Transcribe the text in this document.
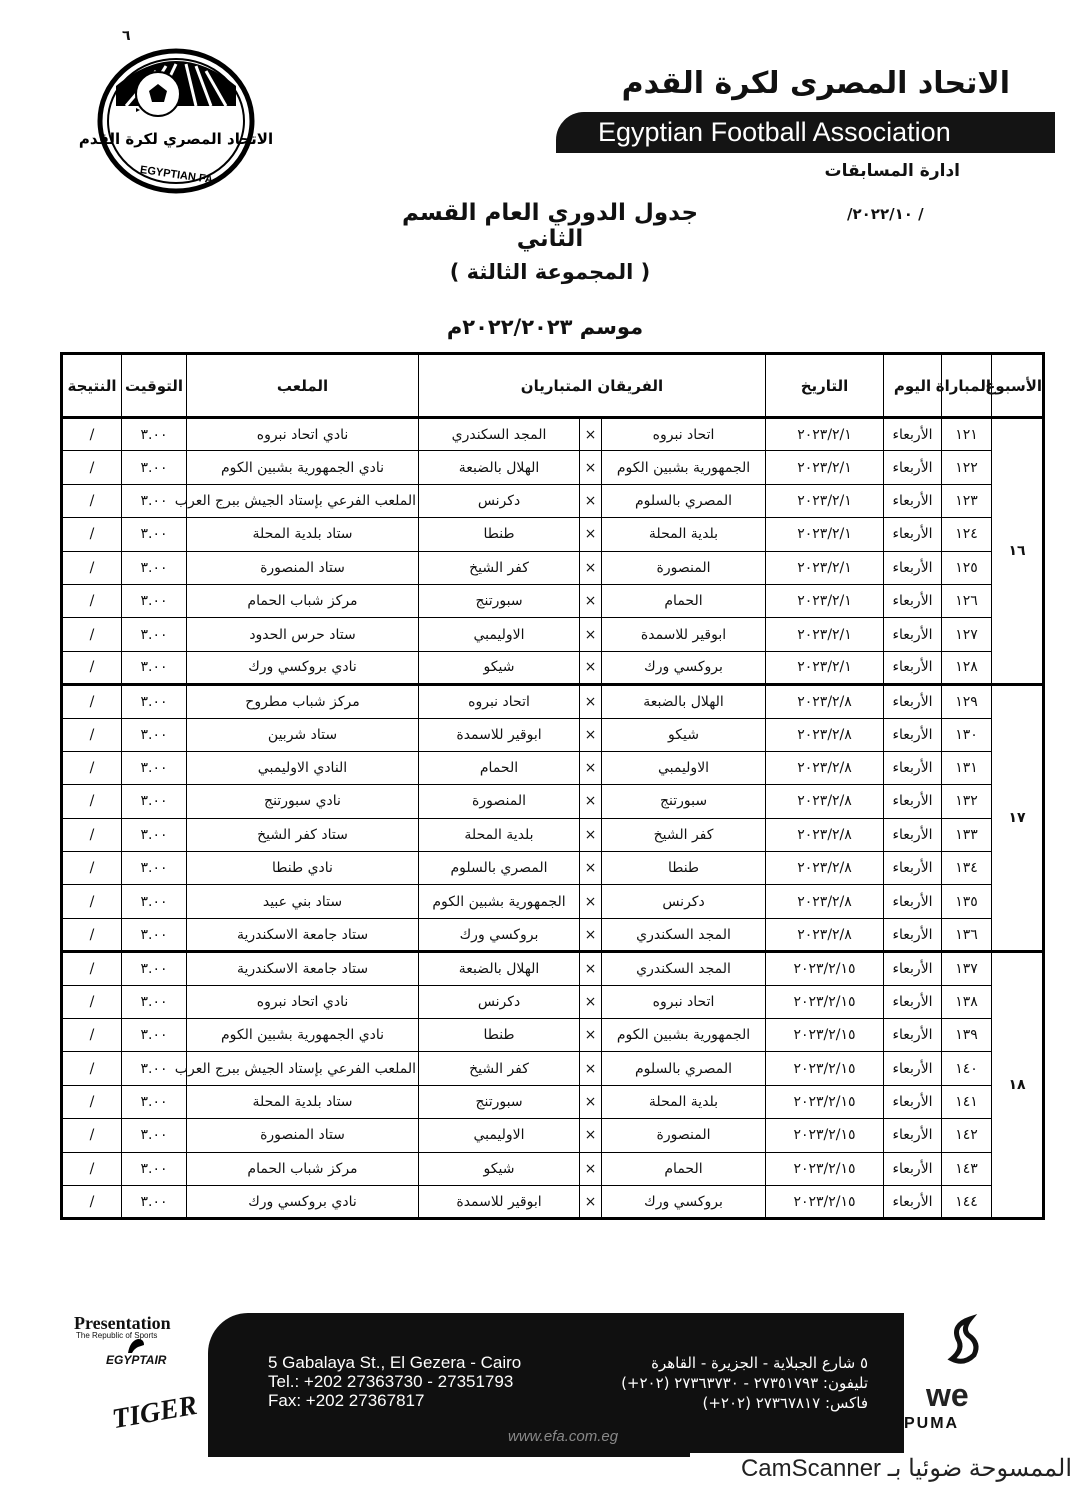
٦
الاتحاد المصري لكرة القدم
EGYPTIAN FA
الاتحاد المصرى لكرة القدم
Egyptian Football Association
ادارة المسابقات
/ ٢٠٢٢/١٠/
جدول الدوري العام القسم الثاني
( المجموعة الثالثة )
موسم ٢٠٢٢/٢٠٢٣م
الأسبوع	المباراة	اليوم	التاريخ	الفريقان المتباريان			الملعب	التوقيت	النتيجة
١٦	١٢١	الأربعاء	٢٠٢٣/٢/١	اتحاد نبروه	×	المجد السكندري	نادي اتحاد نبروه	٣.٠٠	/
	١٢٢	الأربعاء	٢٠٢٣/٢/١	الجمهورية بشبين الكوم	×	الهلال بالضبعة	نادي الجمهورية بشبين الكوم	٣.٠٠	/
	١٢٣	الأربعاء	٢٠٢٣/٢/١	المصري بالسلوم	×	دكرنس	الملعب الفرعي بإستاد الجيش ببرج العرب	٣.٠٠	/
	١٢٤	الأربعاء	٢٠٢٣/٢/١	بلدية المحلة	×	طنطا	ستاد بلدية المحلة	٣.٠٠	/
	١٢٥	الأربعاء	٢٠٢٣/٢/١	المنصورة	×	كفر الشيخ	ستاد المنصورة	٣.٠٠	/
	١٢٦	الأربعاء	٢٠٢٣/٢/١	الحمام	×	سبورتنج	مركز شباب الحمام	٣.٠٠	/
	١٢٧	الأربعاء	٢٠٢٣/٢/١	ابوقير للاسمدة	×	الاوليمبي	ستاد حرس الحدود	٣.٠٠	/
	١٢٨	الأربعاء	٢٠٢٣/٢/١	بروكسي ورك	×	شيكو	نادي بروكسي ورك	٣.٠٠	/
١٧	١٢٩	الأربعاء	٢٠٢٣/٢/٨	الهلال بالضبعة	×	اتحاد نبروه	مركز شباب مطروح	٣.٠٠	/
	١٣٠	الأربعاء	٢٠٢٣/٢/٨	شيكو	×	ابوقير للاسمدة	ستاد شربين	٣.٠٠	/
	١٣١	الأربعاء	٢٠٢٣/٢/٨	الاوليمبي	×	الحمام	النادي الاوليمبي	٣.٠٠	/
	١٣٢	الأربعاء	٢٠٢٣/٢/٨	سبورتنج	×	المنصورة	نادي سبورتنج	٣.٠٠	/
	١٣٣	الأربعاء	٢٠٢٣/٢/٨	كفر الشيخ	×	بلدية المحلة	ستاد كفر الشيخ	٣.٠٠	/
	١٣٤	الأربعاء	٢٠٢٣/٢/٨	طنطا	×	المصري بالسلوم	نادي طنطا	٣.٠٠	/
	١٣٥	الأربعاء	٢٠٢٣/٢/٨	دكرنس	×	الجمهورية بشبين الكوم	ستاد بني عبيد	٣.٠٠	/
	١٣٦	الأربعاء	٢٠٢٣/٢/٨	المجد السكندري	×	بروكسي ورك	ستاد جامعة الاسكندرية	٣.٠٠	/
١٨	١٣٧	الأربعاء	٢٠٢٣/٢/١٥	المجد السكندري	×	الهلال بالضبعة	ستاد جامعة الاسكندرية	٣.٠٠	/
	١٣٨	الأربعاء	٢٠٢٣/٢/١٥	اتحاد نبروه	×	دكرنس	نادي اتحاد نبروه	٣.٠٠	/
	١٣٩	الأربعاء	٢٠٢٣/٢/١٥	الجمهورية بشبين الكوم	×	طنطا	نادي الجمهورية بشبين الكوم	٣.٠٠	/
	١٤٠	الأربعاء	٢٠٢٣/٢/١٥	المصري بالسلوم	×	كفر الشيخ	الملعب الفرعي بإستاد الجيش ببرج العرب	٣.٠٠	/
	١٤١	الأربعاء	٢٠٢٣/٢/١٥	بلدية المحلة	×	سبورتنج	ستاد بلدية المحلة	٣.٠٠	/
	١٤٢	الأربعاء	٢٠٢٣/٢/١٥	المنصورة	×	الاوليمبي	ستاد المنصورة	٣.٠٠	/
	١٤٣	الأربعاء	٢٠٢٣/٢/١٥	الحمام	×	شيكو	مركز شباب الحمام	٣.٠٠	/
	١٤٤	الأربعاء	٢٠٢٣/٢/١٥	بروكسي ورك	×	ابوقير للاسمدة	نادي بروكسي ورك	٣.٠٠	/
Presentation
The Republic of Sports
EGYPTAIR
TIGER
5 Gabalaya St., El Gezera - Cairo
Tel.: +202 27363730 - 27351793
Fax: +202 27367817
٥ شارع الجبلاية - الجزيرة - القاهرة
تليفون: ٢٧٣٥١٧٩٣ - ٢٧٣٦٣٧٣٠ (٢٠٢+)
فاكس: ٢٧٣٦٧٨١٧ (٢٠٢+)
www.efa.com.eg
we
PUMA
الممسوحة ضوئيا بـ CamScanner
